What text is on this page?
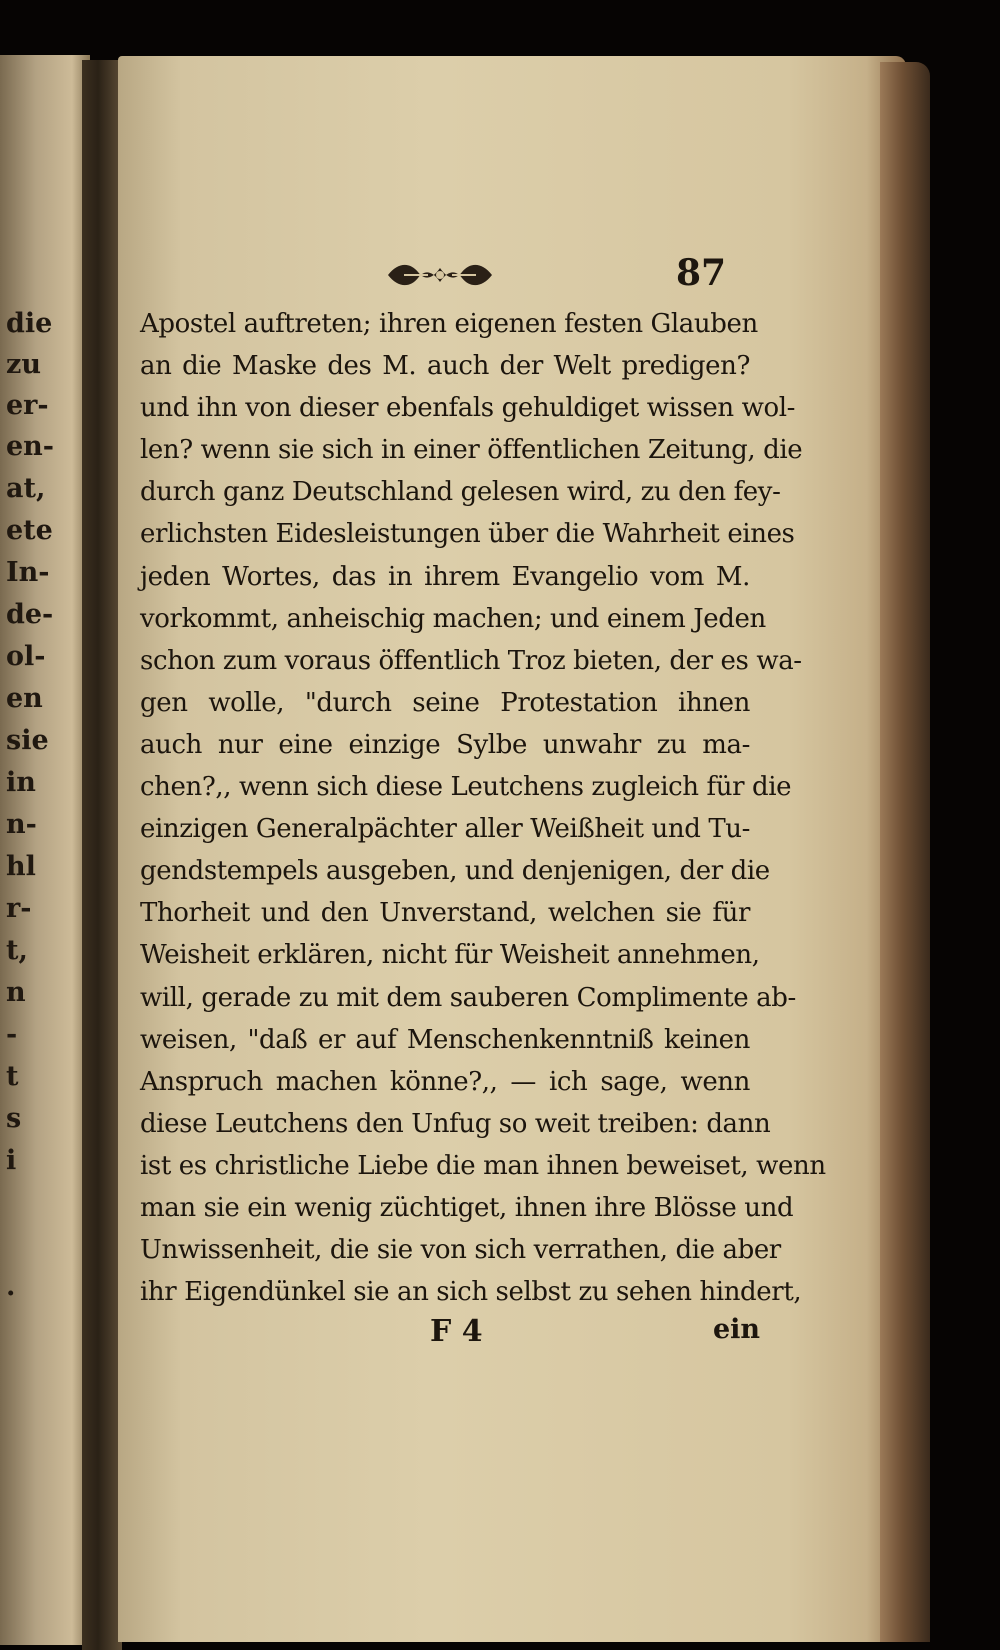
die
zu
er-
en-
at,
ete
In-
de-
ol-
en
sie
in
n-
hl
r-
t,
n
-
t
s
i
.
87
Apostel auftreten; ihren eigenen festen Glauben
an die Maske des M. auch der Welt predigen?
und ihn von dieser ebenfals gehuldiget wissen wol-
len? wenn sie sich in einer öffentlichen Zeitung, die
durch ganz Deutschland gelesen wird, zu den fey-
erlichsten Eidesleistungen über die Wahrheit eines
jeden Wortes, das in ihrem Evangelio vom M.
vorkommt, anheischig machen; und einem Jeden
schon zum voraus öffentlich Troz bieten, der es wa-
gen wolle, "durch seine Protestation ihnen
auch nur eine einzige Sylbe unwahr zu ma-
chen?,, wenn sich diese Leutchens zugleich für die
einzigen Generalpächter aller Weißheit und Tu-
gendstempels ausgeben, und denjenigen, der die
Thorheit und den Unverstand, welchen sie für
Weisheit erklären, nicht für Weisheit annehmen,
will, gerade zu mit dem sauberen Complimente ab-
weisen, "daß er auf Menschenkenntniß keinen
Anspruch machen könne?,, — ich sage, wenn
diese Leutchens den Unfug so weit treiben: dann
ist es christliche Liebe die man ihnen beweiset, wenn
man sie ein wenig züchtiget, ihnen ihre Blösse und
Unwissenheit, die sie von sich verrathen, die aber
ihr Eigendünkel sie an sich selbst zu sehen hindert,
F 4	ein
